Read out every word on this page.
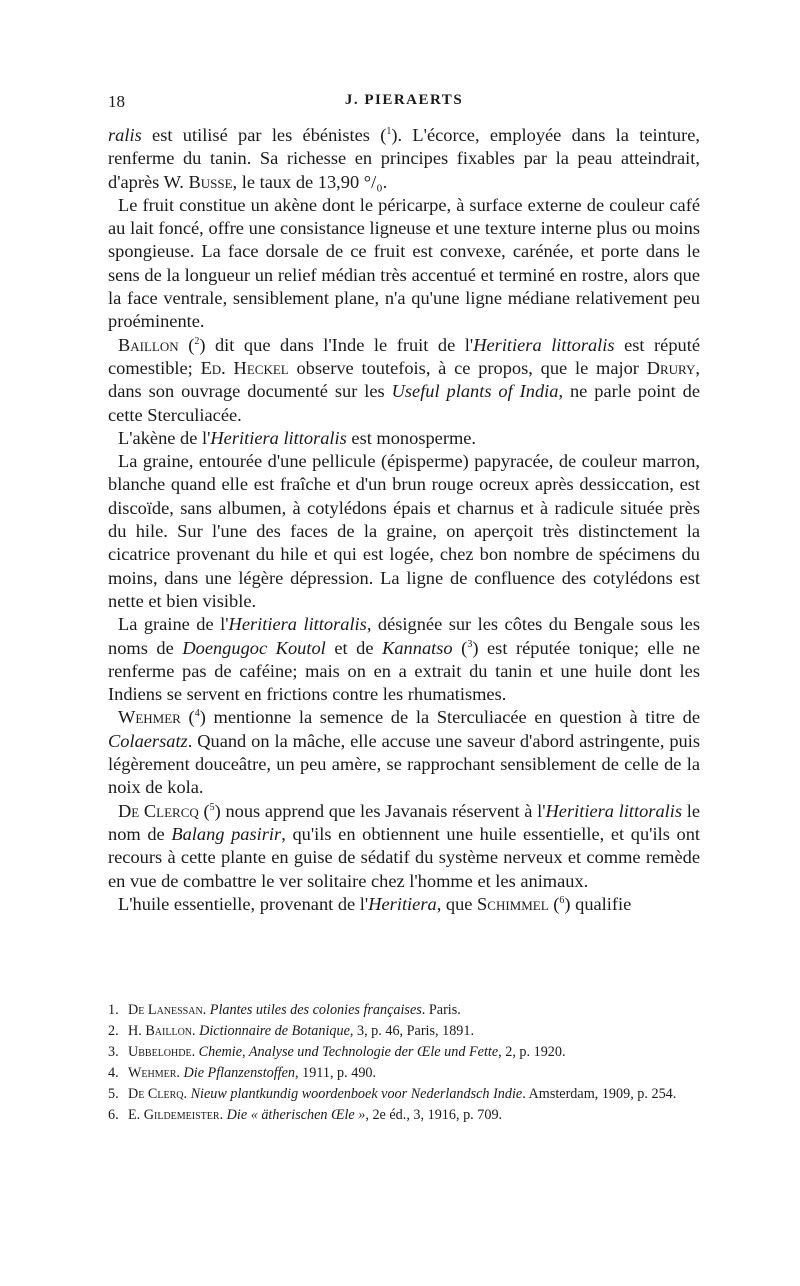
18	J. PIERAERTS

ralis est utilisé par les ébénistes ($^1$). L'écorce, employée dans la teinture, renferme du tanin. Sa richesse en principes fixables par la peau atteindrait, d'après W. Busse, le taux de 13,90 °/₀.

Le fruit constitue un akène dont le péricarpe, à surface externe de couleur café au lait foncé, offre une consistance ligneuse et une texture interne plus ou moins spongieuse. La face dorsale de ce fruit est convexe, carénée, et porte dans le sens de la longueur un relief médian très accentué et terminé en rostre, alors que la face ventrale, sensiblement plane, n'a qu'une ligne médiane relativement peu proéminente.

Baillon ($^2$) dit que dans l'Inde le fruit de l'Heritiera littoralis est réputé comestible; Ed. Heckel observe toutefois, à ce propos, que le major Drury, dans son ouvrage documenté sur les Useful plants of India, ne parle point de cette Sterculiacée.

L'akène de l'Heritiera littoralis est monosperme.

La graine, entourée d'une pellicule (épisperme) papyracée, de couleur marron, blanche quand elle est fraîche et d'un brun rouge ocreux après dessiccation, est discoïde, sans albumen, à cotylédons épais et charnus et à radicule située près du hile. Sur l'une des faces de la graine, on aperçoit très distinctement la cicatrice provenant du hile et qui est logée, chez bon nombre de spécimens du moins, dans une légère dépression. La ligne de confluence des cotylédons est nette et bien visible.

La graine de l'Heritiera littoralis, désignée sur les côtes du Bengale sous les noms de Doengugoc Koutol et de Kannatso ($^3$) est réputée tonique; elle ne renferme pas de caféine; mais on en a extrait du tanin et une huile dont les Indiens se servent en frictions contre les rhumatismes.

Wehmer ($^4$) mentionne la semence de la Sterculiacée en question à titre de Colaersatz. Quand on la mâche, elle accuse une saveur d'abord astringente, puis légèrement douceâtre, un peu amère, se rapprochant sensiblement de celle de la noix de kola.

De Clercq ($^5$) nous apprend que les Javanais réservent à l'Heritiera littoralis le nom de Balang pasirir, qu'ils en obtiennent une huile essentielle, et qu'ils ont recours à cette plante en guise de sédatif du système nerveux et comme remède en vue de combattre le ver solitaire chez l'homme et les animaux.

L'huile essentielle, provenant de l'Heritiera, que Schimmel ($^6$) qualifie

1. De Lanessan. Plantes utiles des colonies françaises. Paris.

2. H. Baillon. Dictionnaire de Botanique, 3, p. 46, Paris, 1891.

3. Ubbelohde. Chemie, Analyse und Technologie der Œle und Fette, 2, p. 1920.

4. Wehmer. Die Pflanzenstoffen, 1911, p. 490.

5. De Clerq. Nieuw plantkundig woordenboek voor Nederlandsch Indie. Amsterdam, 1909, p. 254.

6. E. Gildemeister. Die « ätherischen Œle », 2e éd., 3, 1916, p. 709.
